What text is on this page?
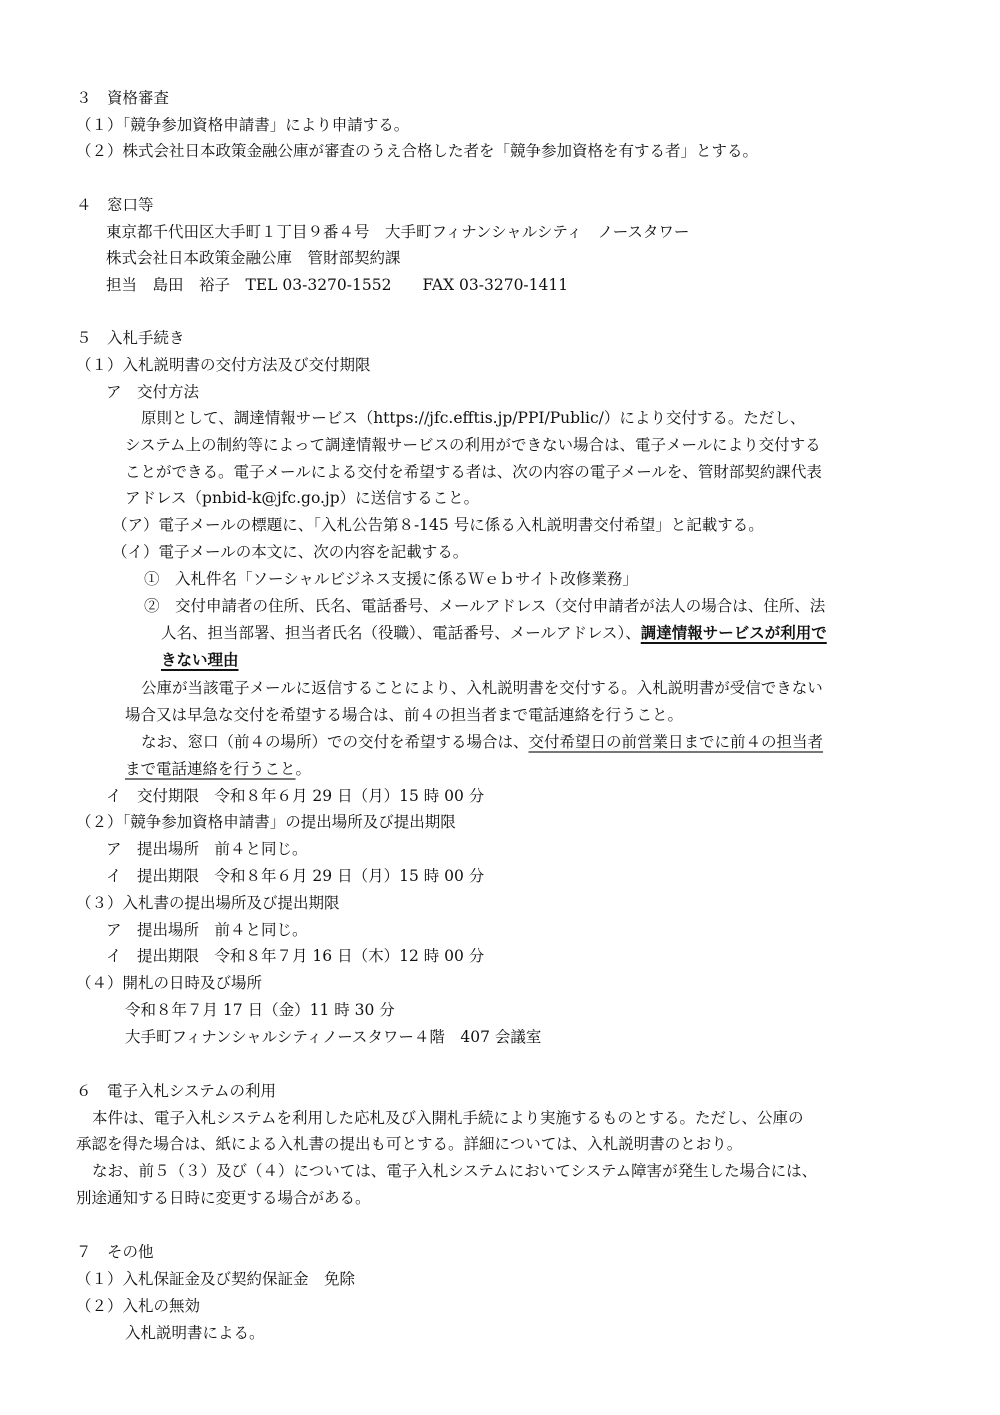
３　資格審査
（１）「競争参加資格申請書」により申請する。
（２）株式会社日本政策金融公庫が審査のうえ合格した者を「競争参加資格を有する者」とする。
４　窓口等
東京都千代田区大手町１丁目９番４号　大手町フィナンシャルシティ　ノースタワー
株式会社日本政策金融公庫　管財部契約課
担当　島田　裕子　TEL 03-3270-1552　　FAX 03-3270-1411
５　入札手続き
（１）入札説明書の交付方法及び交付期限
ア　交付方法
原則として、調達情報サービス（https://jfc.efftis.jp/PPI/Public/）により交付する。ただし、
システム上の制約等によって調達情報サービスの利用ができない場合は、電子メールにより交付する
ことができる。電子メールによる交付を希望する者は、次の内容の電子メールを、管財部契約課代表
アドレス（pnbid-k@jfc.go.jp）に送信すること。
（ア）電子メールの標題に、「入札公告第８-145 号に係る入札説明書交付希望」と記載する。
（イ）電子メールの本文に、次の内容を記載する。
①　入札件名「ソーシャルビジネス支援に係るＷｅｂサイト改修業務」
②　交付申請者の住所、氏名、電話番号、メールアドレス（交付申請者が法人の場合は、住所、法
人名、担当部署、担当者氏名（役職）、電話番号、メールアドレス）、調達情報サービスが利用で
きない理由
公庫が当該電子メールに返信することにより、入札説明書を交付する。入札説明書が受信できない
場合又は早急な交付を希望する場合は、前４の担当者まで電話連絡を行うこと。
なお、窓口（前４の場所）での交付を希望する場合は、交付希望日の前営業日までに前４の担当者
まで電話連絡を行うこと。
イ　交付期限　令和８年６月 29 日（月）15 時 00 分
（２）「競争参加資格申請書」の提出場所及び提出期限
ア　提出場所　前４と同じ。
イ　提出期限　令和８年６月 29 日（月）15 時 00 分
（３）入札書の提出場所及び提出期限
ア　提出場所　前４と同じ。
イ　提出期限　令和８年７月 16 日（木）12 時 00 分
（４）開札の日時及び場所
令和８年７月 17 日（金）11 時 30 分
大手町フィナンシャルシティノースタワー４階　407 会議室
６　電子入札システムの利用
本件は、電子入札システムを利用した応札及び入開札手続により実施するものとする。ただし、公庫の
承認を得た場合は、紙による入札書の提出も可とする。詳細については、入札説明書のとおり。
なお、前５（３）及び（４）については、電子入札システムにおいてシステム障害が発生した場合には、
別途通知する日時に変更する場合がある。
７　その他
（１）入札保証金及び契約保証金　免除
（２）入札の無効
入札説明書による。
